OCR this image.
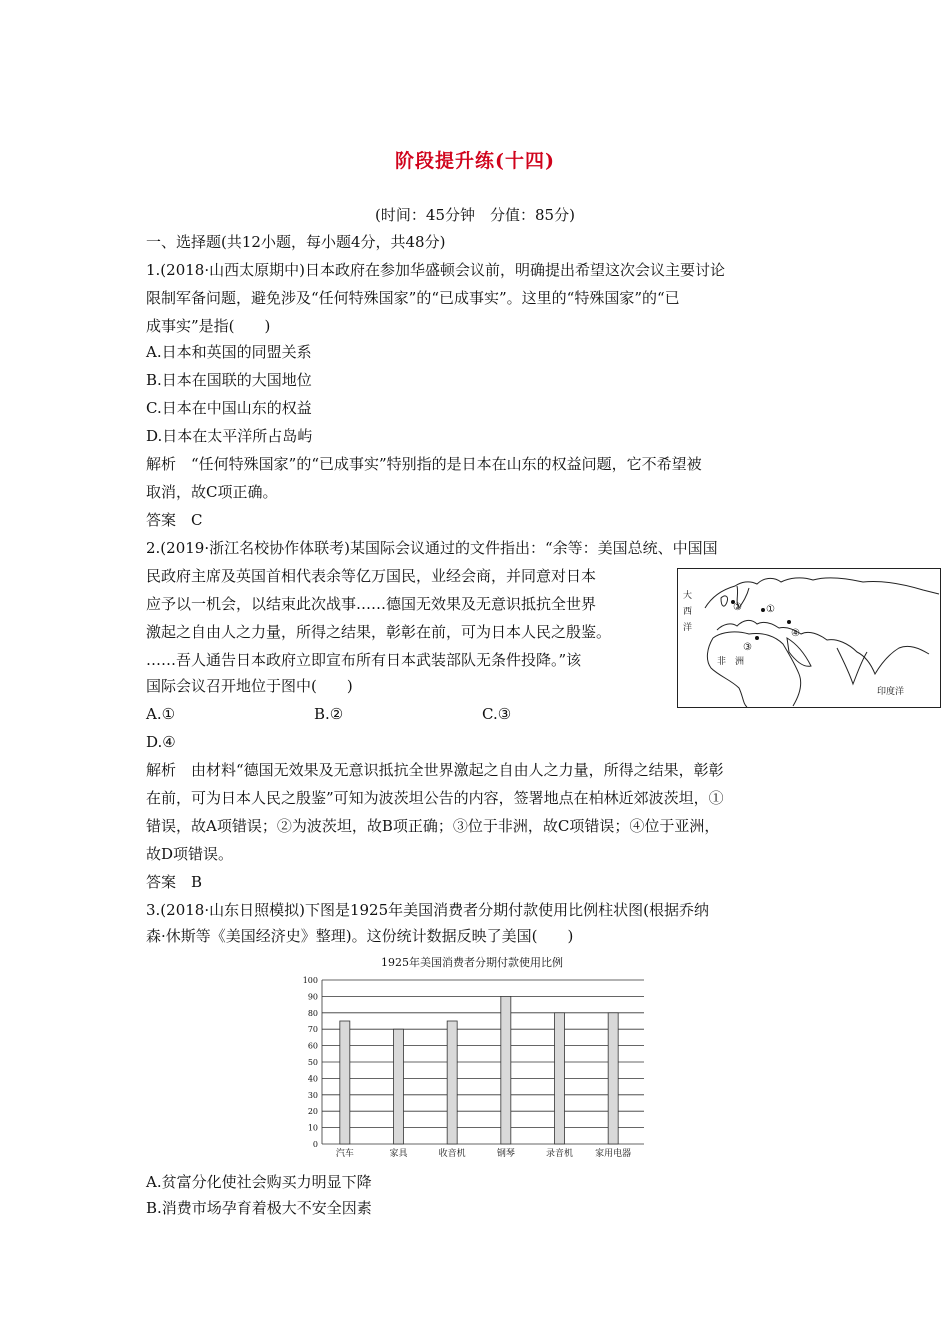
阶段提升练(十四)
(时间：45分钟　分值：85分)
一、选择题(共12小题，每小题4分，共48分)
1.(2018·山西太原期中)日本政府在参加华盛顿会议前，明确提出希望这次会议主要讨论
限制军备问题，避免涉及“任何特殊国家”的“已成事实”。这里的“特殊国家”的“已
成事实”是指(　　)
A.日本和英国的同盟关系
B.日本在国联的大国地位
C.日本在中国山东的权益
D.日本在太平洋所占岛屿
解析　“任何特殊国家”的“已成事实”特别指的是日本在山东的权益问题，它不希望被
取消，故C项正确。
答案　C
2.(2019·浙江名校协作体联考)某国际会议通过的文件指出：“余等：美国总统、中国国
民政府主席及英国首相代表余等亿万国民，业经会商，并同意对日本
应予以一机会，以结束此次战事……德国无效果及无意识抵抗全世界
激起之自由人之力量，所得之结果，彰彰在前，可为日本人民之殷鉴。
……吾人通告日本政府立即宣布所有日本武装部队无条件投降。”该
国际会议召开地位于图中(　　)
A.①	B.②	C.③
D.④
大
西
洋
①
②
③
④
非　洲
印度洋
解析　由材料“德国无效果及无意识抵抗全世界激起之自由人之力量，所得之结果，彰彰
在前，可为日本人民之殷鉴”可知为波茨坦公告的内容，签署地点在柏林近郊波茨坦，①
错误，故A项错误；②为波茨坦，故B项正确；③位于非洲，故C项错误；④位于亚洲，
故D项错误。
答案　B
3.(2018·山东日照模拟)下图是1925年美国消费者分期付款使用比例柱状图(根据乔纳
森·休斯等《美国经济史》整理)。这份统计数据反映了美国(　　)
1925年美国消费者分期付款使用比例
0
10
20
30
40
50
60
70
80
90
100
汽车	家具	收音机	钢琴	录音机 家用电器
A.贫富分化使社会购买力明显下降
B.消费市场孕育着极大不安全因素
